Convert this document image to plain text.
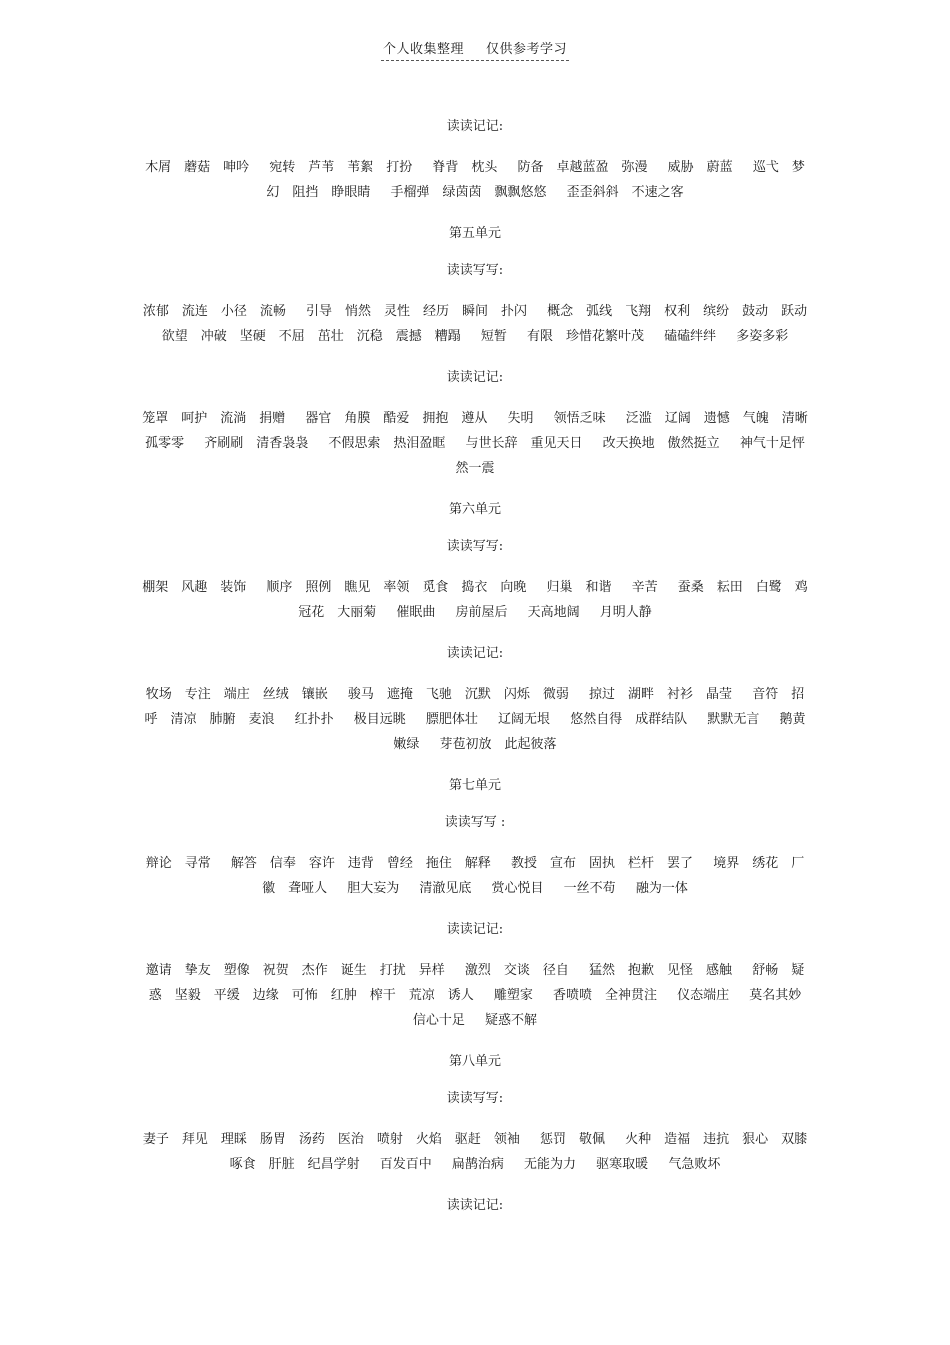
个人收集整理 仅供参考学习
读读记记:

木屑　蘑菇　呻吟　 宛转　芦苇　苇絮　打扮　 脊背　枕头　 防备　卓越蓝盈　弥漫　 威胁　蔚蓝　 巡弋　梦幻　阻挡　睁眼睛　 手榴弹　绿茵茵　飘飘悠悠　 歪歪斜斜　不速之客

第五单元
读读写写:

浓郁　流连　小径　流畅　 引导　悄然　灵性　经历　瞬间　扑闪　 概念　弧线　飞翔　权利　缤纷　鼓动　跃动　欲望　冲破　坚硬　不屈　茁壮　沉稳　震撼　糟蹋　 短暂　 有限　珍惜花繁叶茂　 磕磕绊绊　 多姿多彩

读读记记:

笼罩　呵护　流淌　捐赠　 器官　角膜　酷爱　拥抱　遵从　 失明　 领悟乏味　 泛滥　辽阔　遗憾　气魄　清晰　孤零零　 齐刷刷　清香袅袅　 不假思索　热泪盈眶　 与世长辞　重见天日　 改天换地　傲然挺立　 神气十足怦然一震

第六单元
读读写写:

棚架　风趣　装饰　 顺序　照例　瞧见　率领　觅食　捣衣　向晚　 归巢　和谐　 辛苦　 蚕桑　耘田　白鹭　鸡冠花　大丽菊　 催眠曲　 房前屋后　 天高地阔　 月明人静

读读记记:

牧场　专注　端庄　丝绒　镶嵌　 骏马　遮掩　飞驰　沉默　闪烁　微弱　 掠过　湖畔　衬衫　晶莹　 音符　招呼　清凉　肺腑　麦浪　 红扑扑　 极目远眺　 膘肥体壮　 辽阔无垠　 悠然自得　成群结队　 默默无言　 鹅黄嫩绿　 芽苞初放　此起彼落

第七单元
读读写写 :

辩论　寻常　 解答　信奉　容许　违背　曾经　拖住　解释　 教授　宣布　固执　栏杆　罢了　 境界　绣花　厂徽　聋哑人　 胆大妄为　 清澈见底　 赏心悦目　 一丝不苟　 融为一体

读读记记:

邀请　挚友　塑像　祝贺　杰作　诞生　打扰　异样　 激烈　交谈　径自　 猛然　抱歉　见怪　感触　 舒畅　疑惑　坚毅　平缓　边缘　可怖　红肿　榨干　荒凉　诱人　 雕塑家　 香喷喷　全神贯注　 仪态端庄　 莫名其妙　 信心十足　 疑惑不解

第八单元
读读写写:

妻子　拜见　理睬　肠胃　汤药　医治　喷射　火焰　驱赶　领袖　 惩罚　敬佩　 火种　造福　违抗　狠心　双膝　 啄食　肝脏　纪昌学射　 百发百中　 扁鹊治病　 无能为力　 驱寒取暖　 气急败坏

读读记记:
